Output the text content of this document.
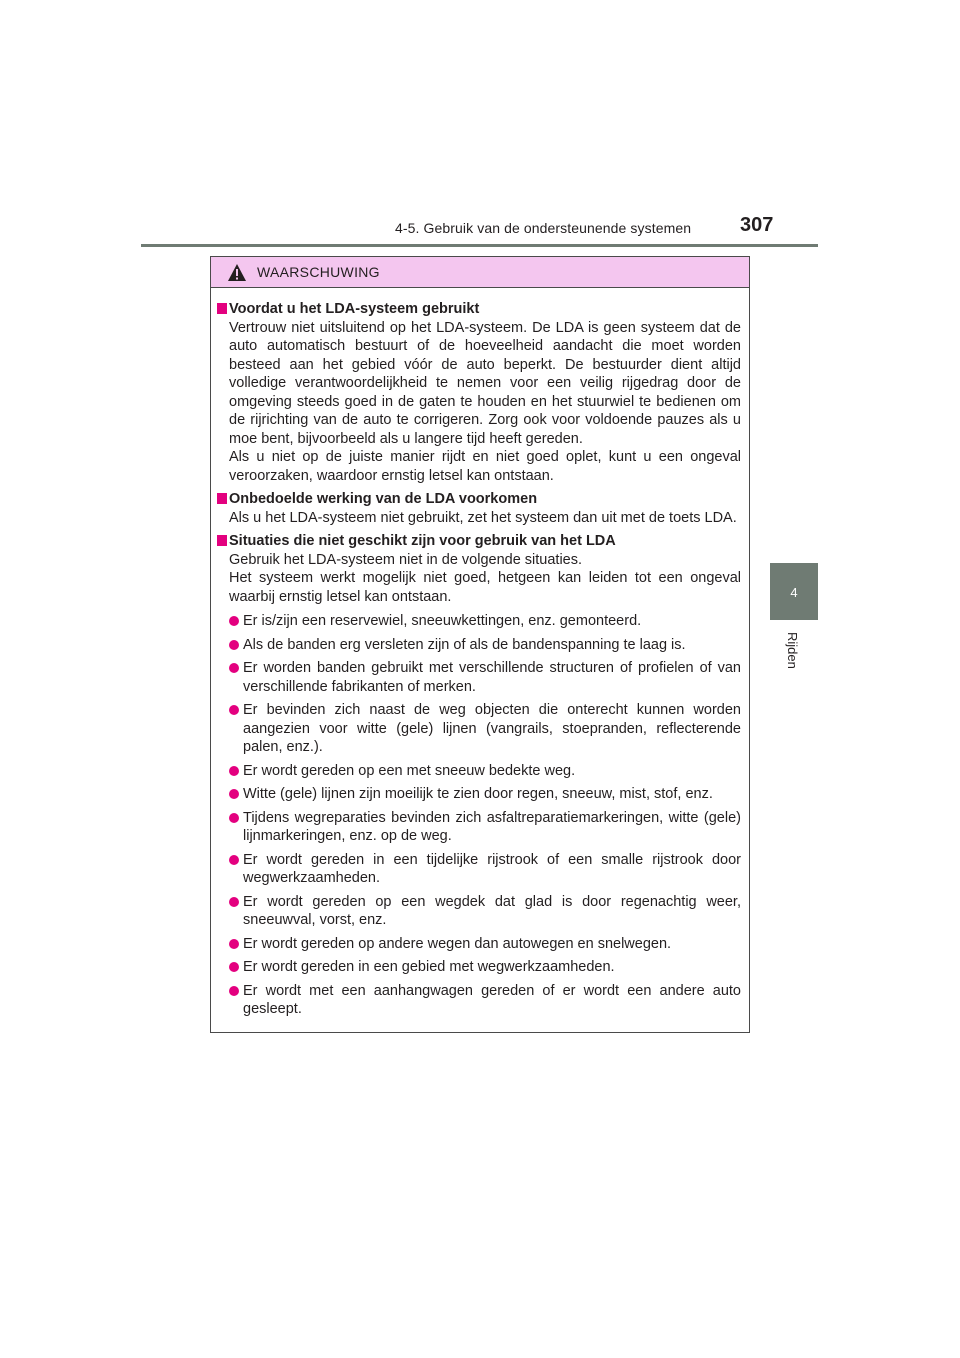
4-5. Gebruik van de ondersteunende systemen 307
4
Rijden
WAARSCHUWING
Voordat u het LDA-systeem gebruikt

Vertrouw niet uitsluitend op het LDA-systeem. De LDA is geen systeem dat de auto automatisch bestuurt of de hoeveelheid aandacht die moet worden besteed aan het gebied vóór de auto beperkt. De bestuurder dient altijd volledige verantwoordelijkheid te nemen voor een veilig rijgedrag door de omgeving steeds goed in de gaten te houden en het stuurwiel te bedienen om de rijrichting van de auto te corrigeren. Zorg ook voor voldoende pauzes als u moe bent, bijvoorbeeld als u langere tijd heeft gereden.

Als u niet op de juiste manier rijdt en niet goed oplet, kunt u een ongeval veroorzaken, waardoor ernstig letsel kan ontstaan.

Onbedoelde werking van de LDA voorkomen

Als u het LDA-systeem niet gebruikt, zet het systeem dan uit met de toets LDA.

Situaties die niet geschikt zijn voor gebruik van het LDA

Gebruik het LDA-systeem niet in de volgende situaties.

Het systeem werkt mogelijk niet goed, hetgeen kan leiden tot een ongeval waarbij ernstig letsel kan ontstaan.

Er is/zijn een reservewiel, sneeuwkettingen, enz. gemonteerd.
Als de banden erg versleten zijn of als de bandenspanning te laag is.
Er worden banden gebruikt met verschillende structuren of profielen of van verschillende fabrikanten of merken.
Er bevinden zich naast de weg objecten die onterecht kunnen worden aangezien voor witte (gele) lijnen (vangrails, stoepranden, reflecterende palen, enz.).
Er wordt gereden op een met sneeuw bedekte weg.
Witte (gele) lijnen zijn moeilijk te zien door regen, sneeuw, mist, stof, enz.
Tijdens wegreparaties bevinden zich asfaltreparatiemarkeringen, witte (gele) lijnmarkeringen, enz. op de weg.
Er wordt gereden in een tijdelijke rijstrook of een smalle rijstrook door wegwerkzaamheden.
Er wordt gereden op een wegdek dat glad is door regenachtig weer, sneeuwval, vorst, enz.
Er wordt gereden op andere wegen dan autowegen en snelwegen.
Er wordt gereden in een gebied met wegwerkzaamheden.
Er wordt met een aanhangwagen gereden of er wordt een andere auto gesleept.
